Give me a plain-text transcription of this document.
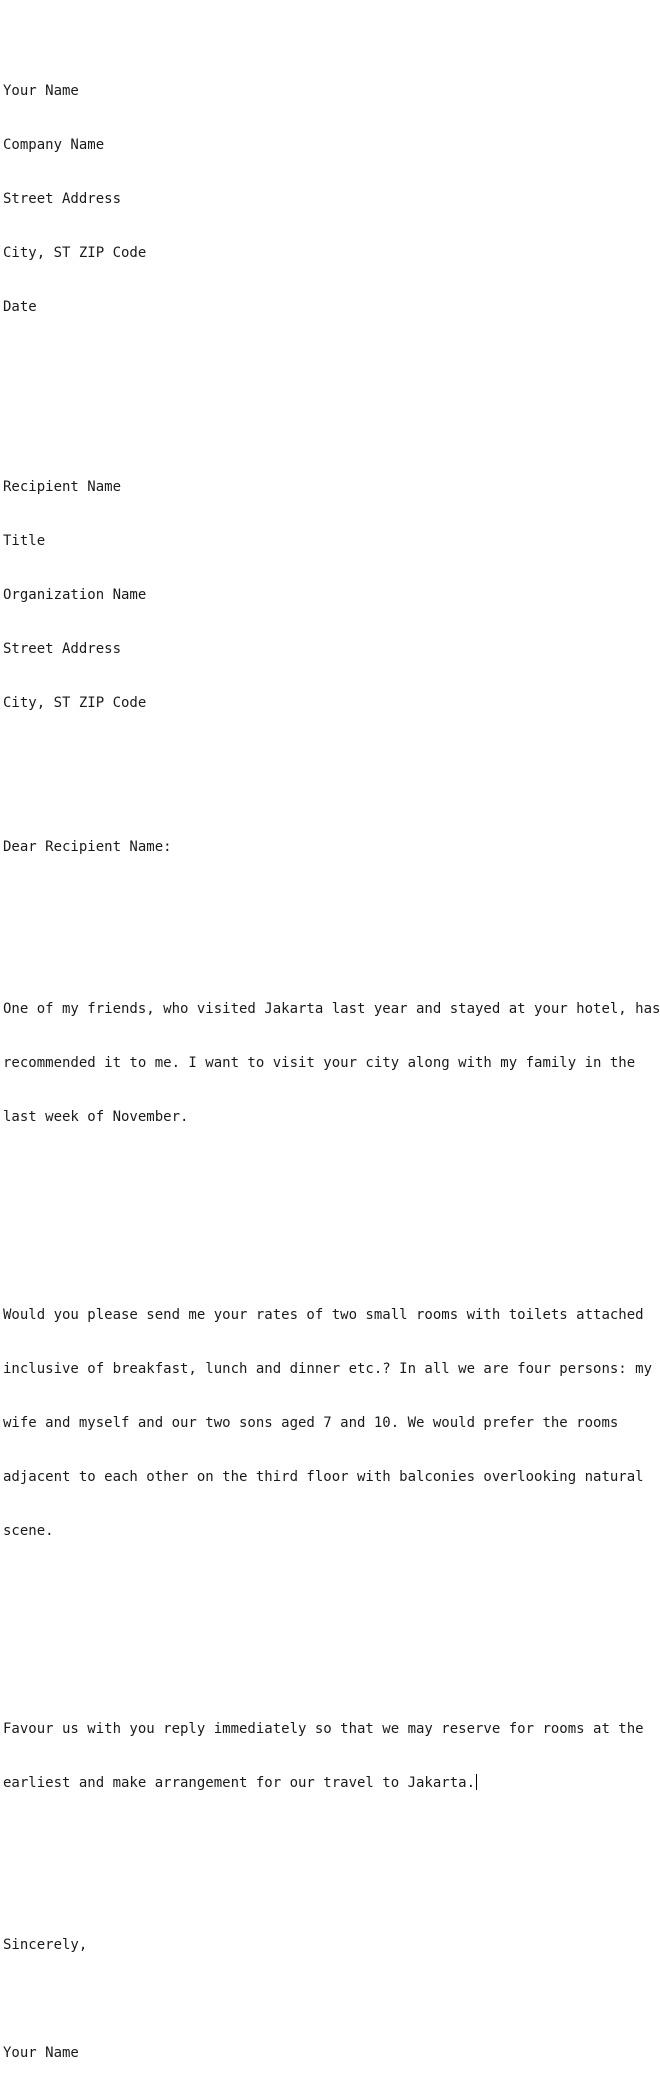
Your Name

Company Name

Street Address

City, ST ZIP Code

Date

Recipient Name

Title

Organization Name

Street Address

City, ST ZIP Code

Dear Recipient Name:

One of my friends, who visited Jakarta last year and stayed at your hotel, has

recommended it to me. I want to visit your city along with my family in the

last week of November.

Would you please send me your rates of two small rooms with toilets attached

inclusive of breakfast, lunch and dinner etc.? In all we are four persons: my

wife and myself and our two sons aged 7 and 10. We would prefer the rooms

adjacent to each other on the third floor with balconies overlooking natural

scene.

Favour us with you reply immediately so that we may reserve for rooms at the

earliest and make arrangement for our travel to Jakarta.

Sincerely,

Your Name
